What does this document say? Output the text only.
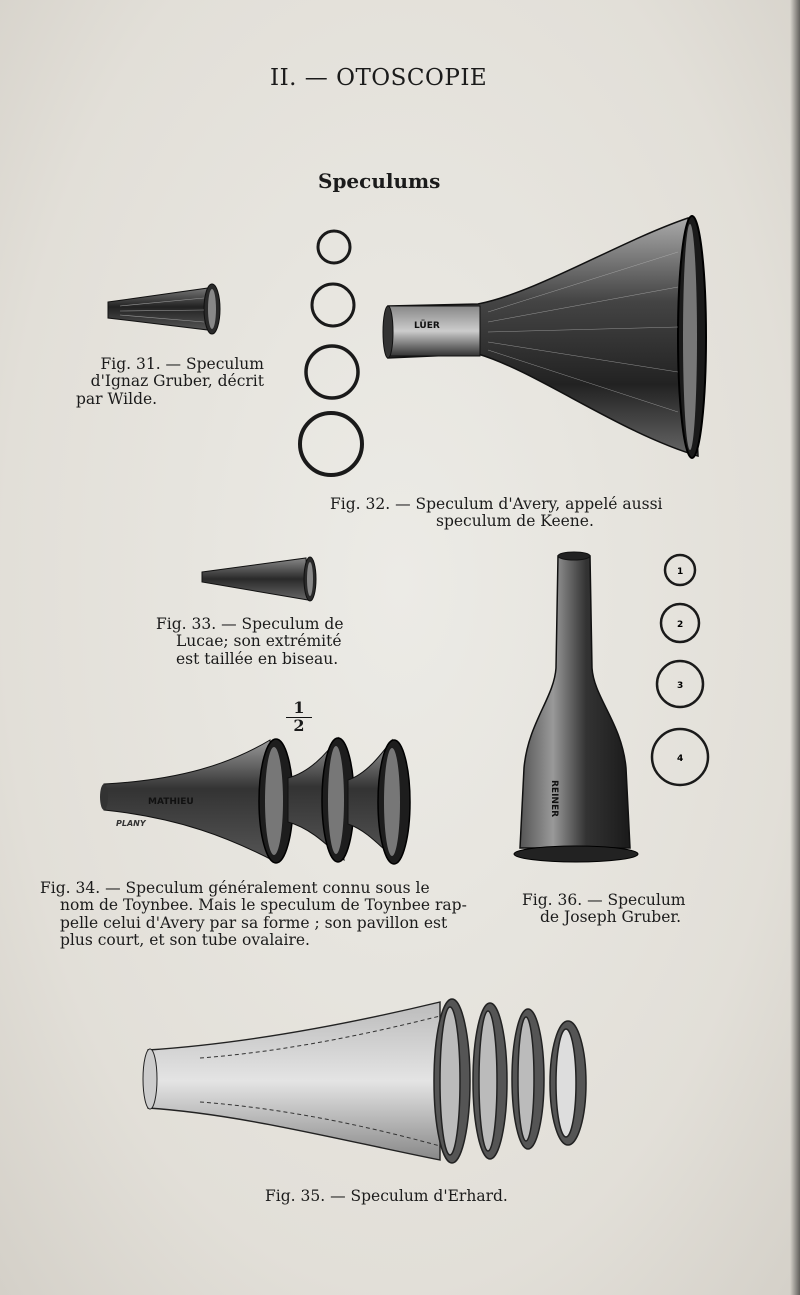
II. — OTOSCOPIE
Speculums
Fig. 31. — Speculum
d'Ignaz Gruber, décrit
par Wilde.
LÜER
Fig. 32. — Speculum d'Avery, appelé aussi
speculum de Keene.
Fig. 33. — Speculum de
Lucae; son extrémité
est taillée en biseau.
1
2
MATHIEU
PLANY
Fig. 34. — Speculum généralement connu sous le
nom de Toynbee. Mais le speculum de Toynbee rap-
pelle celui d'Avery par sa forme ; son pavillon est
plus court, et son tube ovalaire.
REINER
1
2
3
4
Fig. 36. — Speculum
de Joseph Gruber.
Fig. 35. — Speculum d'Erhard.
